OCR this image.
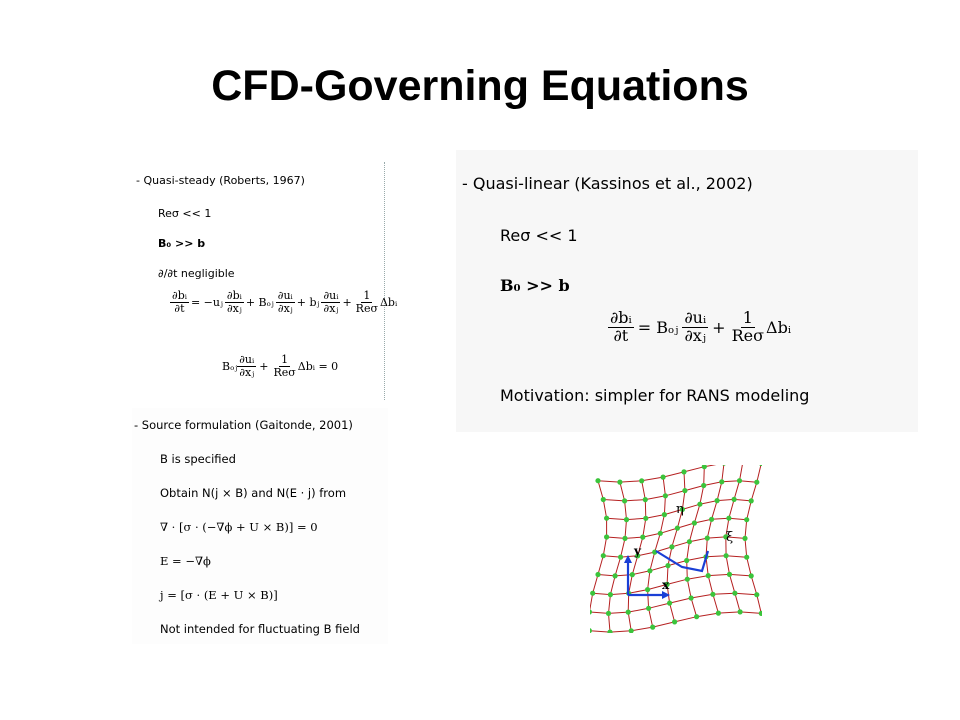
CFD-Governing Equations
- Quasi-steady (Roberts, 1967)
Reσ << 1
B₀ >> b
∂/∂t negligible
$\frac{\text{∂bᵢ}}{\partial t}$ = −uⱼ $\frac{\text{∂bᵢ}}{\text{∂xⱼ}}$ + Bₒⱼ $\frac{\text{∂uᵢ}}{\text{∂xⱼ}}$ + bⱼ $\frac{\text{∂uᵢ}}{\text{∂xⱼ}} + \frac{1}{\text{Reσ}}$ Δbᵢ
Bₒⱼ $\frac{\text{∂uᵢ}}{\text{∂xⱼ}} + \frac{1}{\text{Reσ}}$ Δbᵢ = 0
- Quasi-linear (Kassinos et al., 2002)
Reσ << 1
B₀ >> b
$\frac{\text{∂bᵢ}}{\partial t}$ = Bₒⱼ $\frac{\text{∂uᵢ}}{\text{∂xⱼ}} + \frac{1}{\text{Reσ}}$ Δbᵢ
Motivation: simpler for RANS modeling
- Source formulation (Gaitonde, 2001)
B is specified
Obtain N(j × B) and N(E · j) from
∇ · [σ · (−∇ϕ + U × B)] = 0
E = −∇ϕ
j = [σ · (E + U × B)]
Not intended for fluctuating B field
η
ξ
y
x
